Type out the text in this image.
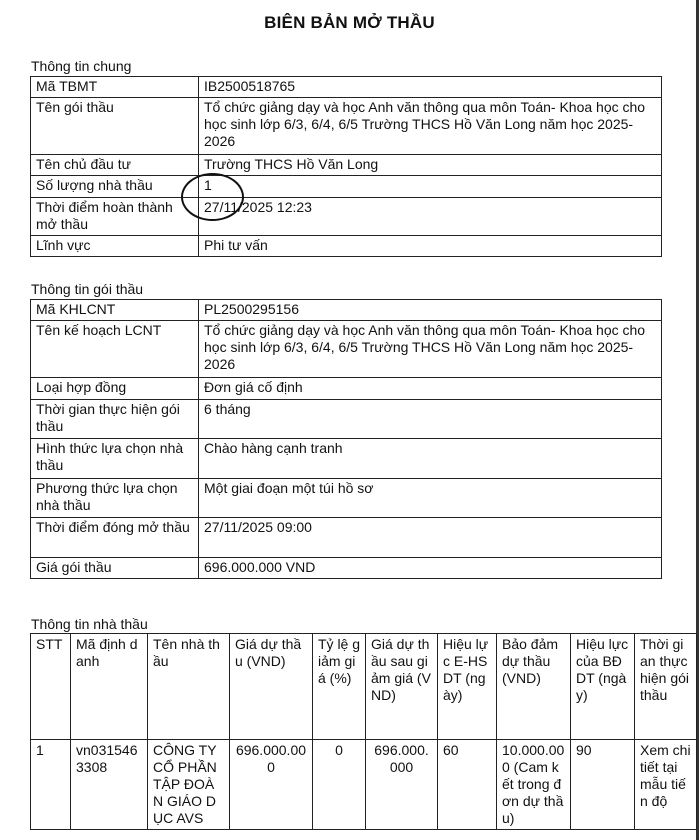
BIÊN BẢN MỞ THẦU
Thông tin chung
Mã TBMT	IB2500518765
Tên gói thầu	Tổ chức giảng dạy và học Anh văn thông qua môn Toán- Khoa học cho học sinh lớp 6/3, 6/4, 6/5 Trường THCS Hồ Văn Long năm học 2025-2026
Tên chủ đầu tư	Trường THCS Hồ Văn Long
Số lượng nhà thầu	1
Thời điểm hoàn thành mở thầu	27/11/2025 12:23
Lĩnh vực	Phi tư vấn
Thông tin gói thầu
Mã KHLCNT	PL2500295156
Tên kế hoạch LCNT	Tổ chức giảng dạy và học Anh văn thông qua môn Toán- Khoa học cho học sinh lớp 6/3, 6/4, 6/5 Trường THCS Hồ Văn Long năm học 2025-2026
Loại hợp đồng	Đơn giá cố định
Thời gian thực hiện gói thầu	6 tháng
Hình thức lựa chọn nhà thầu	Chào hàng cạnh tranh
Phương thức lựa chọn nhà thầu	Một giai đoạn một túi hồ sơ
Thời điểm đóng mở thầu	27/11/2025 09:00
Giá gói thầu	696.000.000 VND
Thông tin nhà thầu
STT	Mã định danh	Tên nhà thầu	Giá dự thầu (VND)	Tỷ lệ giảm giá (%)	Giá dự thầu sau giảm giá (VND)	Hiệu lực E-HSDT (ngày)	Bảo đảm dự thầu (VND)	Hiệu lực của BĐ DT (ngày)	Thời gian thực hiện gói thầu
1	vn0315463308	CÔNG TY CỔ PHẦN TẬP ĐOÀN GIÁO DỤC AVS	696.000.000	0	696.000.000	60	10.000.000 (Cam kết trong đơn dự thầu)	90	Xem chi tiết tại mẫu tiến độ
